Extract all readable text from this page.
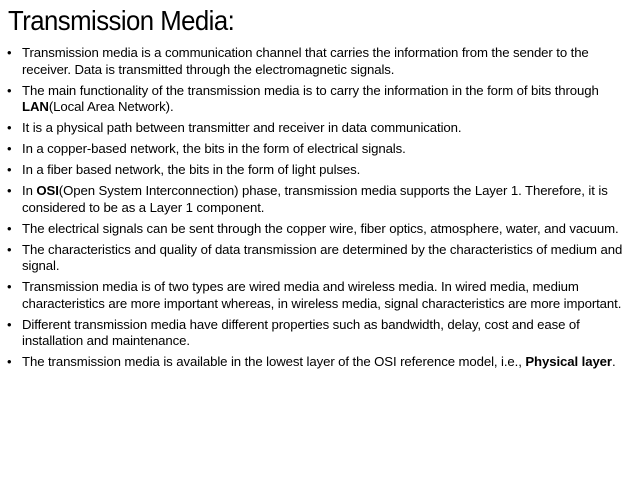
Transmission Media:
• Transmission media is a communication channel that carries the information from the sender to the receiver. Data is transmitted through the electromagnetic signals.
• The main functionality of the transmission media is to carry the information in the form of bits through LAN(Local Area Network).
• It is a physical path between transmitter and receiver in data communication.
• In a copper-based network, the bits in the form of electrical signals.
• In a fiber based network, the bits in the form of light pulses.
• In OSI(Open System Interconnection) phase, transmission media supports the Layer 1. Therefore, it is considered to be as a Layer 1 component.
• The electrical signals can be sent through the copper wire, fiber optics, atmosphere, water, and vacuum.
• The characteristics and quality of data transmission are determined by the characteristics of medium and signal.
• Transmission media is of two types are wired media and wireless media. In wired media, medium characteristics are more important whereas, in wireless media, signal characteristics are more important.
• Different transmission media have different properties such as bandwidth, delay, cost and ease of installation and maintenance.
• The transmission media is available in the lowest layer of the OSI reference model, i.e., Physical layer.
